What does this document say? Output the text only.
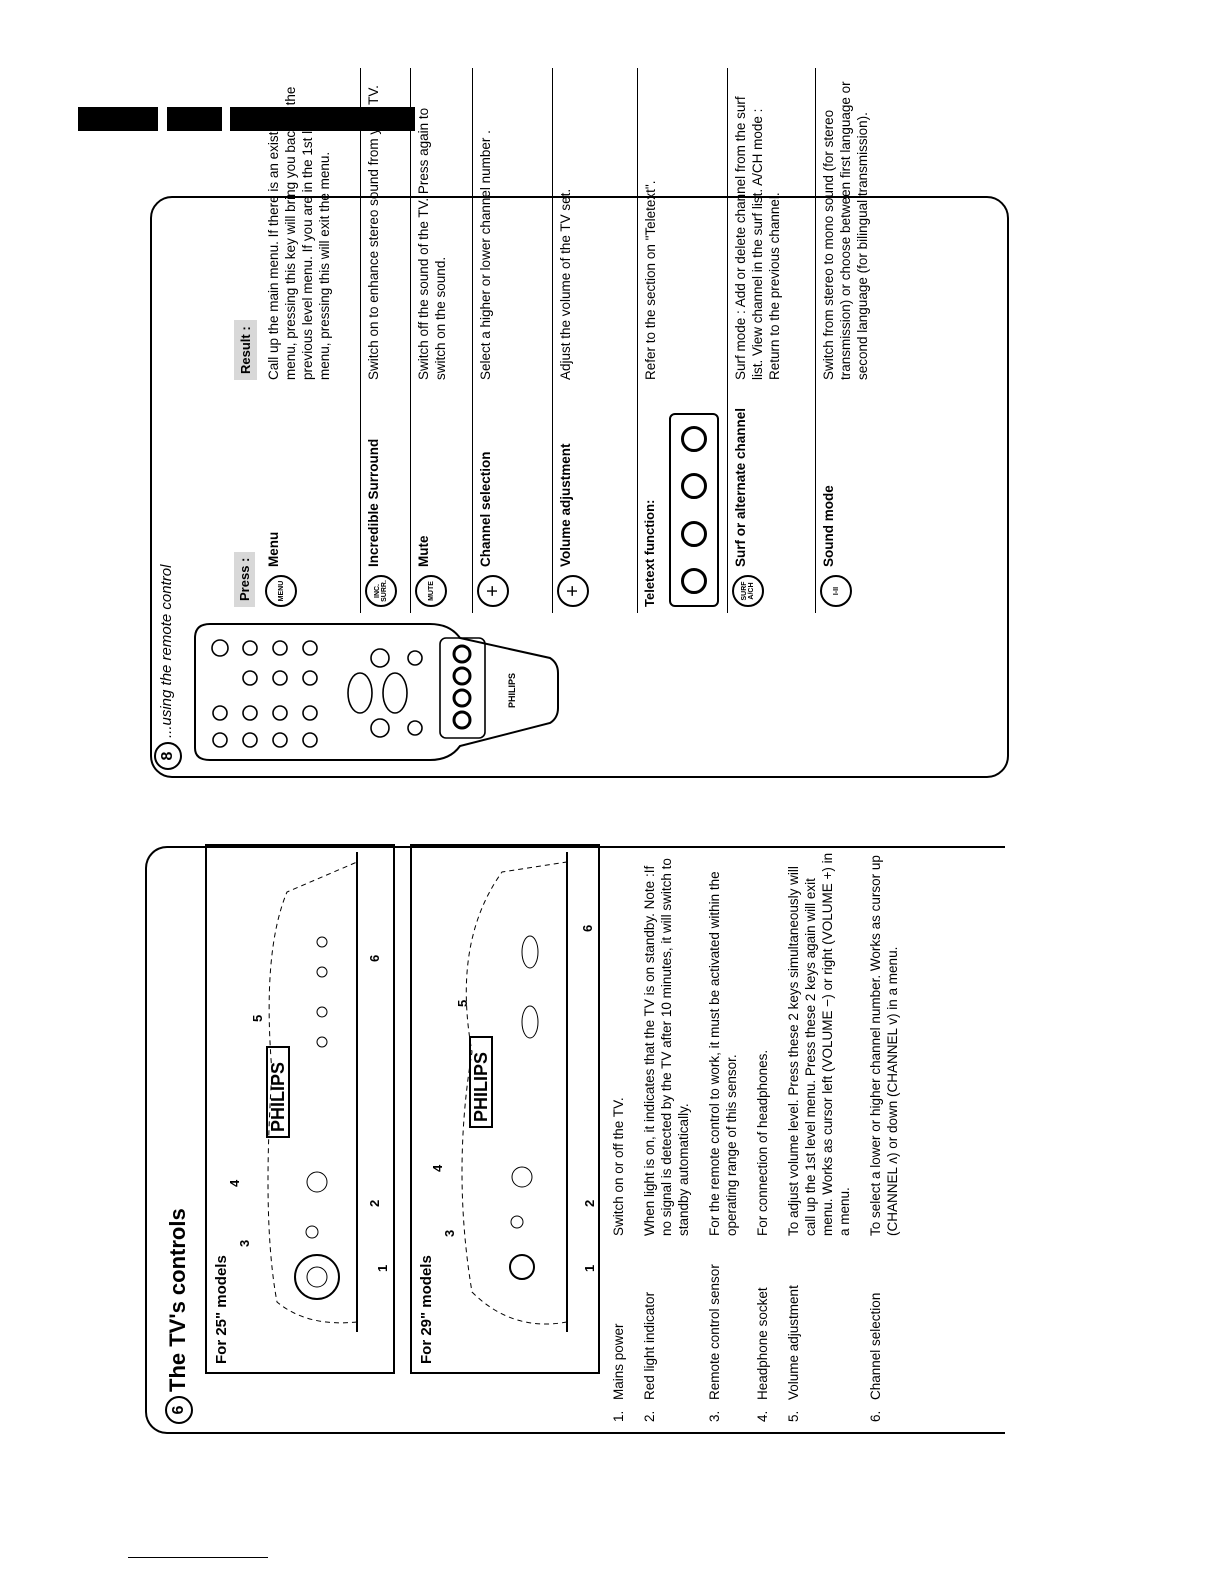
8
...using the remote control	PHILIPS
Press :
Result :
MENU
Menu
Call up the main menu. If there is an existing menu, pressing this key will bring you back to the previous level menu. If you are in the 1st level menu, pressing this will exit the menu.
INC. SURR.
Incredible Surround
Switch on to enhance stereo sound from your TV.
MUTE
Mute
Switch off the sound of the TV. Press again to switch on the sound.
+
Channel selection
Select a higher or lower channel number .
+
Volume adjustment
Adjust the volume of the TV set.
Teletext function:
Refer to the section on "Teletext".
SURF A/CH
Surf or alternate channel
Surf mode : Add or delete channel from the surf list. View channel in the surf list. A/CH mode : Return to the previous channel.
I-II
Sound mode
Switch from stereo to mono sound (for stereo transmission) or choose between first language or second language (for bilingual transmission).
6
The TV's controls For 25" models
PHILIPS
3
4
5
1
2
6
For 29" models
PHILIPS
3
4
5
1
2
6
1.
Mains power
Switch on or off the TV.
2.
Red light indicator
When light is on, it indicates that the TV is on standby. Note :If no signal is detected by the TV after 10 minutes, it will switch to standby automatically.
3.
Remote control sensor
For the remote control to work, it must be activated within the operating range of this sensor.
4.
Headphone socket
For connection of headphones.
5.
Volume adjustment
To adjust volume level. Press these 2 keys simultaneously will call up the 1st level menu. Press these 2 keys again will exit menu. Works as cursor left (VOLUME −) or right (VOLUME +) in a menu.
6.
Channel selection
To select a lower or higher channel number. Works as cursor up (CHANNEL ʌ) or down (CHANNEL v) in a menu.
